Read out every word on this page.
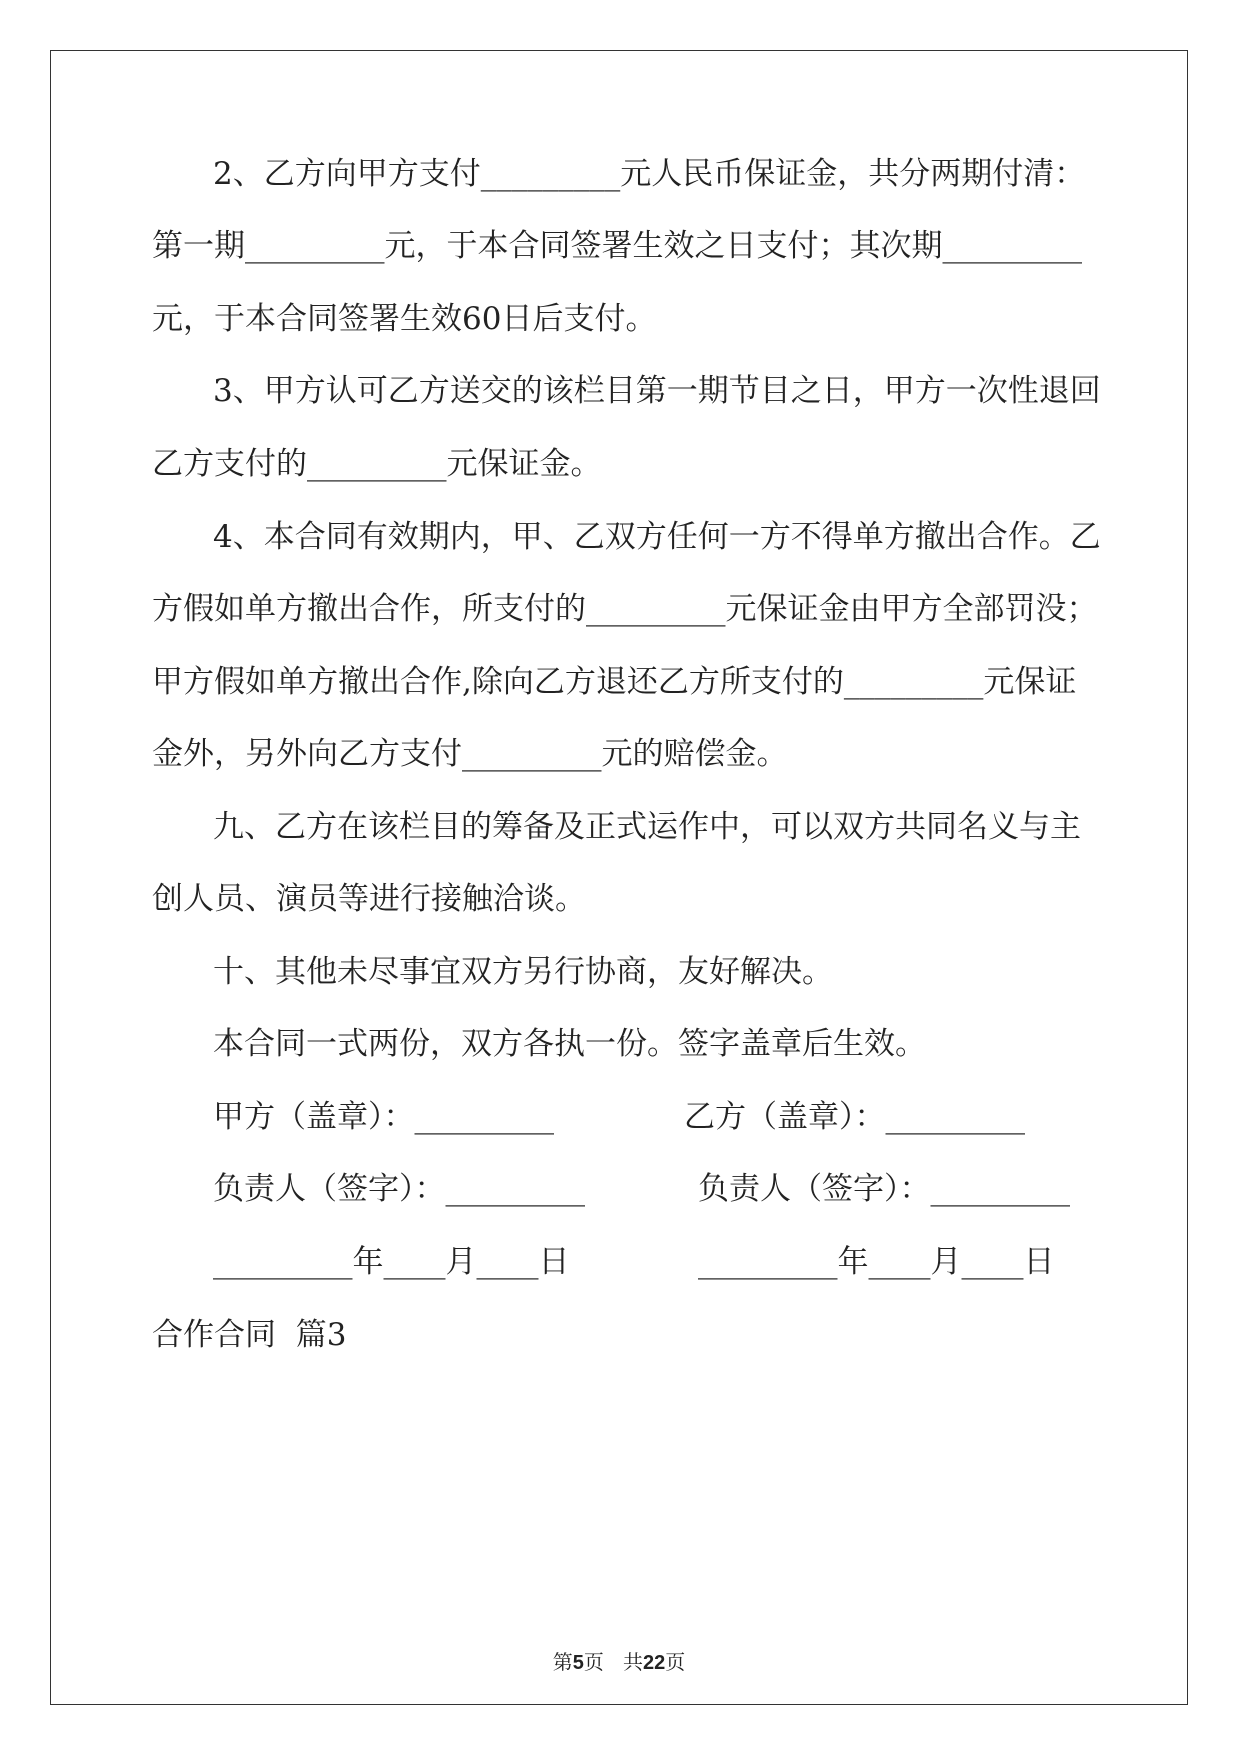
2、乙方向甲方支付_________元人民币保证金，共分两期付清：
第一期_________元，于本合同签署生效之日支付；其次期_________
元，于本合同签署生效60日后支付。
3、甲方认可乙方送交的该栏目第一期节目之日，甲方一次性退回
乙方支付的_________元保证金。
4、本合同有效期内，甲、乙双方任何一方不得单方撤出合作。乙
方假如单方撤出合作，所支付的_________元保证金由甲方全部罚没；
甲方假如单方撤出合作,除向乙方退还乙方所支付的_________元保证
金外，另外向乙方支付_________元的赔偿金。
九、乙方在该栏目的筹备及正式运作中，可以双方共同名义与主
创人员、演员等进行接触洽谈。
十、其他未尽事宜双方另行协商，友好解决。
本合同一式两份，双方各执一份。签字盖章后生效。
甲方（盖章）：_________	乙方（盖章）：_________
负责人（签字）：_________	负责人（签字）：_________
_________年____月____日	_________年____月____日
合作合同  篇3
第5页   共22页
